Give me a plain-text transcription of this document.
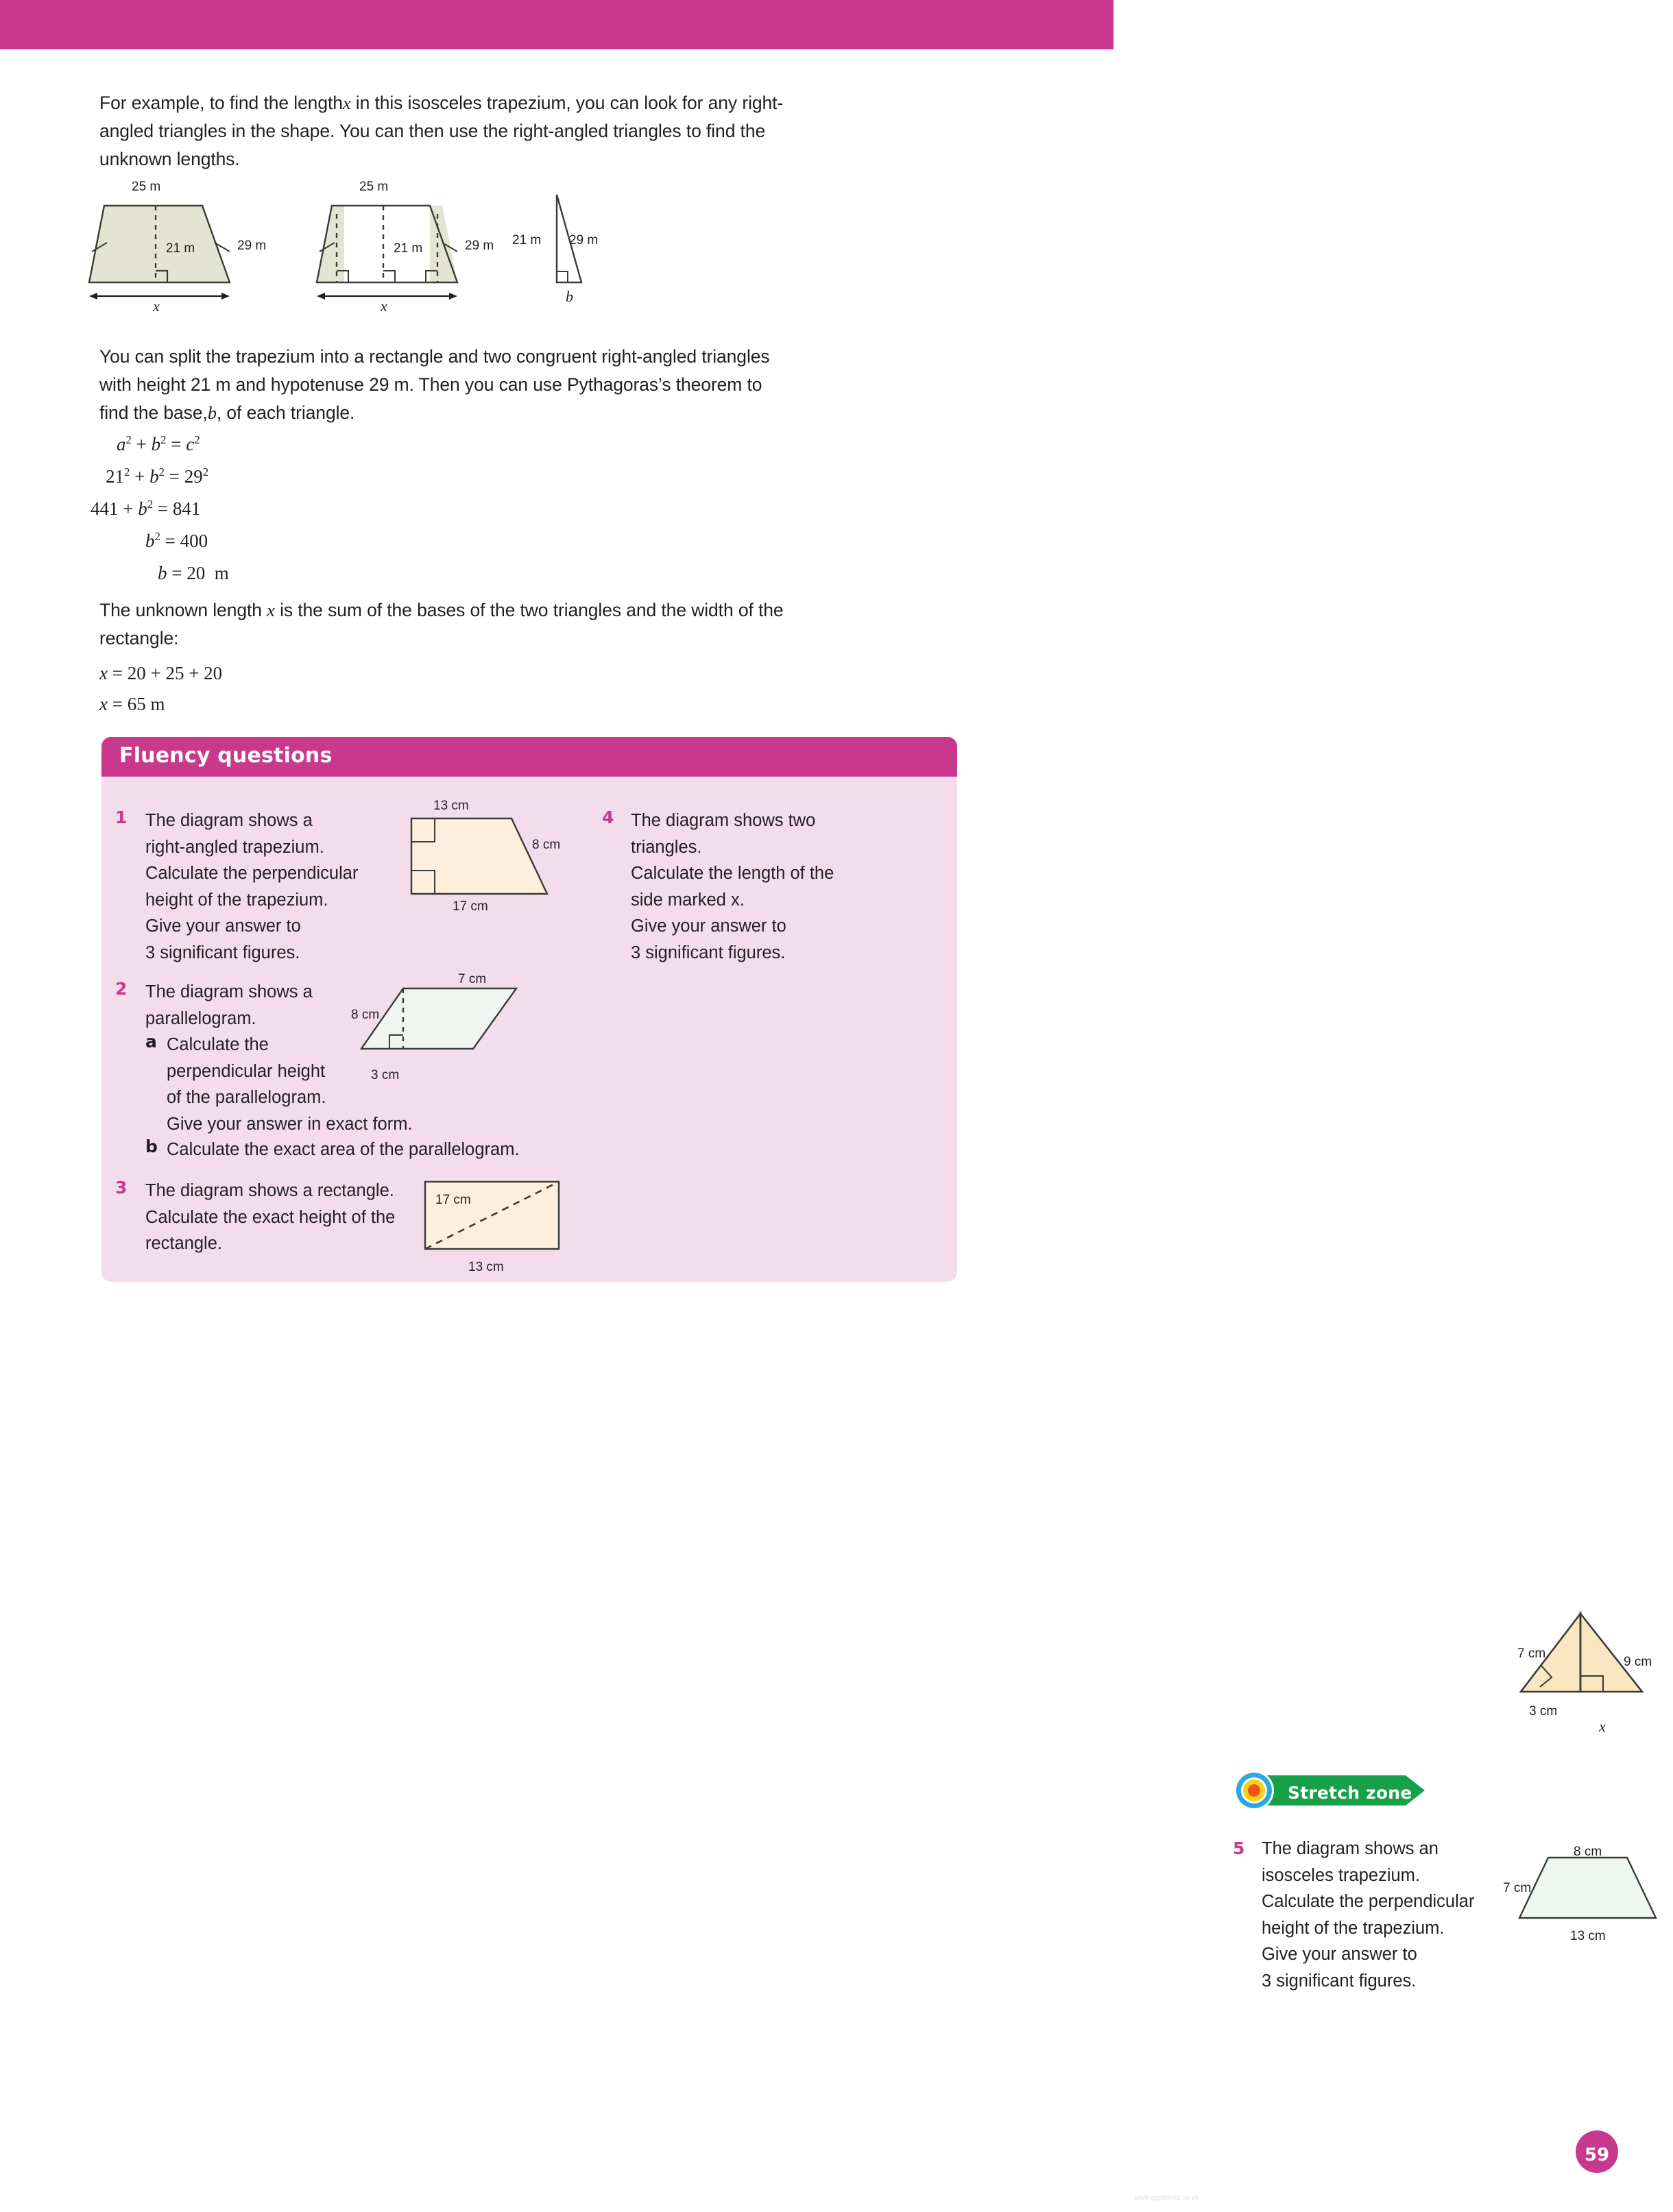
For example, to find the lengthx in this isosceles trapezium, you can look for any right-angled triangles in the shape. You can then use the right-angled triangles to find the unknown lengths.

25 m
21 m	29 m
x
25 m
21 m	29 m
x
21 m 29 m
b

You can split the trapezium into a rectangle and two congruent right-angled triangles with height 21 m and hypotenuse 29 m. Then you can use Pythagoras’s theorem to find the base,b, of each triangle.

$a^2 + b^2 = c^2$
$21^2 + b^2 = 29^2$
$441 + b^2 = 841$
$b^2 = 400$
b = 20  m

The unknown length x is the sum of the bases of the two triangles and the width of the rectangle:

x = 20 + 25 + 20
x = 65 m
Fluency questions
1 The diagram shows a
right-angled trapezium.
Calculate the perpendicular
height of the trapezium.
Give your answer to
3 significant figures.
13 cm
8 cm
17 cm
2 The diagram shows a
parallelogram.
a Calculate the
perpendicular height
of the parallelogram.
Give your answer in exact form.
b Calculate the exact area of the parallelogram.
7 cm
8 cm
3 cm
3 The diagram shows a rectangle.
Calculate the exact height of the
rectangle.
17 cm
13 cm
4 The diagram shows two
triangles.
Calculate the length of the
side marked x.
Give your answer to
3 significant figures.
7 cm
9 cm
3 cm
x
Stretch zone
5 The diagram shows an
isosceles trapezium.
Calculate the perpendicular
height of the trapezium.
Give your answer to
3 significant figures.
8 cm
7 cm
13 cm
59
www.cgpbooks.co.uk
